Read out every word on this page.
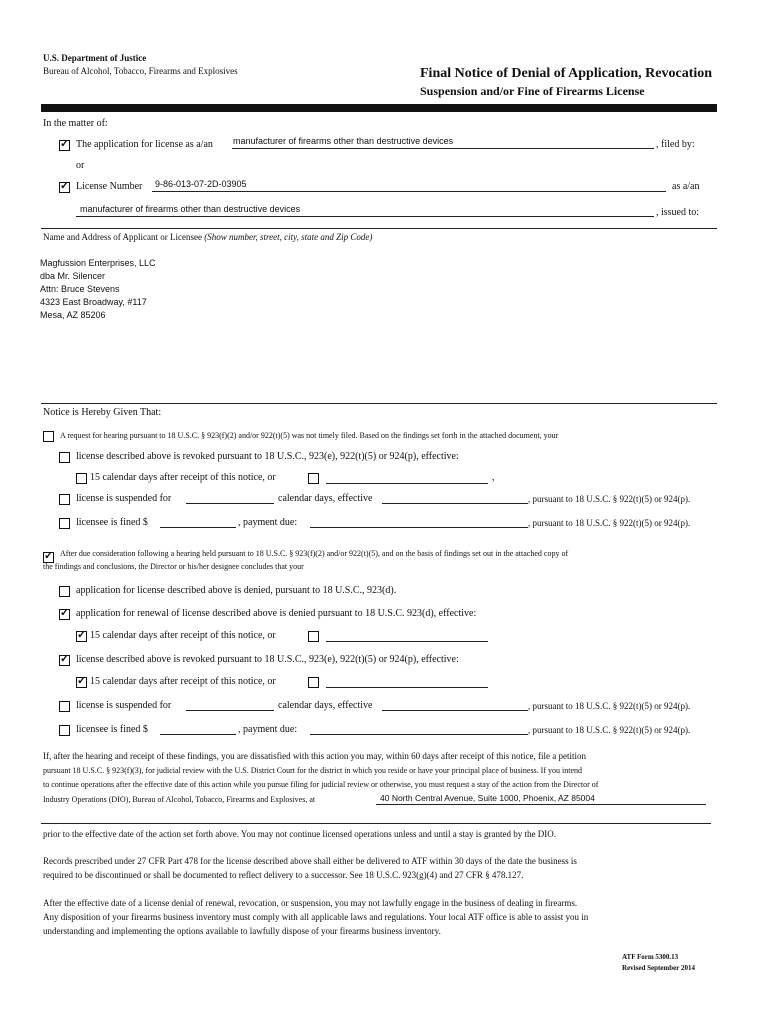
U.S. Department of Justice
Bureau of Alcohol, Tobacco, Firearms and Explosives	Final Notice of Denial of Application, Revocation
Suspension and/or Fine of Firearms License
In the matter of:
✓
The application for license as a/an manufacturer of firearms other than destructive devices	, filed by:
or
✓
License Number 9-86-013-07-2D-03905	as a/an
manufacturer of firearms other than destructive devices	, issued to:
Name and Address of Applicant or Licensee (Show number, street, city, state and Zip Code)
Magfussion Enterprises, LLC
dba Mr. Silencer
Attn: Bruce Stevens
4323 East Broadway, #117
Mesa, AZ 85206
Notice is Hereby Given That:
A request for hearing pursuant to 18 U.S.C. § 923(f)(2) and/or 922(t)(5) was not timely filed. Based on the findings set forth in the attached document, your
license described above is revoked pursuant to 18 U.S.C., 923(e), 922(t)(5) or 924(p), effective:
15 calendar days after receipt of this notice, or	,
license is suspended for	calendar days, effective	, pursuant to 18 U.S.C. § 922(t)(5) or 924(p).
licensee is fined $	, payment due:	, pursuant to 18 U.S.C. § 922(t)(5) or 924(p).
✓
After due consideration following a hearing held pursuant to 18 U.S.C. § 923(f)(2) and/or 922(t)(5), and on the basis of findings set out in the attached copy of
the findings and conclusions, the Director or his/her designee concludes that your
application for license described above is denied, pursuant to 18 U.S.C., 923(d).
✓
application for renewal of license described above is denied pursuant to 18 U.S.C. 923(d), effective:
✓
15 calendar days after receipt of this notice, or
✓
license described above is revoked pursuant to 18 U.S.C., 923(e), 922(t)(5) or 924(p), effective:
✓
15 calendar days after receipt of this notice, or
license is suspended for	calendar days, effective	, pursuant to 18 U.S.C. § 922(t)(5) or 924(p).
licensee is fined $	, payment due:	, pursuant to 18 U.S.C. § 922(t)(5) or 924(p).
If, after the hearing and receipt of these findings, you are dissatisfied with this action you may, within 60 days after receipt of this notice, file a petition
pursuant 18 U.S.C. § 923(f)(3), for judicial review with the U.S. District Court for the district in which you reside or have your principal place of business. If you intend
to continue operations after the effective date of this action while you pursue filing for judicial review or otherwise, you must request a stay of the action from the Director of
Industry Operations (DIO), Bureau of Alcohol, Tobacco, Firearms and Explosives, at	40 North Central Avenue, Suite 1000, Phoenix, AZ 85004
prior to the effective date of the action set forth above. You may not continue licensed operations unless and until a stay is granted by the DIO.
Records prescribed under 27 CFR Part 478 for the license described above shall either be delivered to ATF within 30 days of the date the business is
required to be discontinued or shall be documented to reflect delivery to a successor. See 18 U.S.C. 923(g)(4) and 27 CFR § 478.127.
After the effective date of a license denial of renewal, revocation, or suspension, you may not lawfully engage in the business of dealing in firearms.
Any disposition of your firearms business inventory must comply with all applicable laws and regulations. Your local ATF office is able to assist you in
understanding and implementing the options available to lawfully dispose of your firearms business inventory.
ATF Form 5300.13
Revised September 2014
